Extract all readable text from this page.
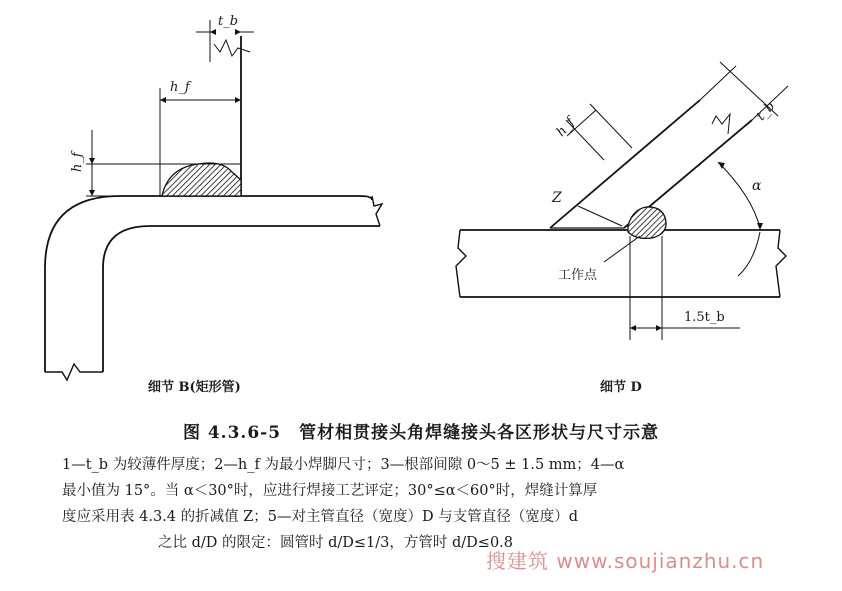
t_b
h_f
h_f
细节 B(矩形管)
h_f
t_b
Z
α
工作点
1.5t_b
细节 D
图 4.3.6-5　管材相贯接头角焊缝接头各区形状与尺寸示意
1—t_b 为较薄件厚度；2—h_f 为最小焊脚尺寸；3—根部间隙 0～5 ± 1.5 mm；4—α
最小值为 15°。当 α＜30°时，应进行焊接工艺评定；30°≤α＜60°时，焊缝计算厚
度应采用表 4.3.4 的折减值 Z；5—对主管直径（宽度）D 与支管直径（宽度）d
之比 d/D 的限定：圆管时 d/D≤1/3，方管时 d/D≤0.8
搜建筑 www.soujianzhu.cn
